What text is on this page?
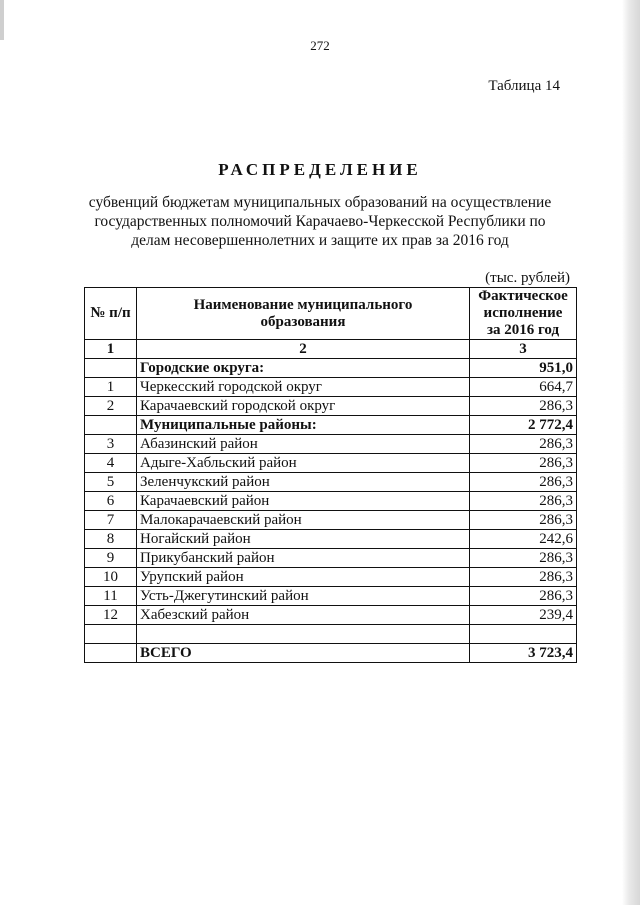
272
Таблица 14
РАСПРЕДЕЛЕНИЕ
субвенций бюджетам муниципальных образований на осуществление
государственных полномочий Карачаево-Черкесской Республики по
делам несовершеннолетних и защите их прав за 2016 год
(тыс. рублей)
№ п/п	Наименование муниципального образования	Фактическое исполнение за 2016 год
1	2	3
	Городские округа:	951,0
1	Черкесский городской округ	664,7
2	Карачаевский городской округ	286,3
	Муниципальные районы:	2 772,4
3	Абазинский район	286,3
4	Адыге-Хабльский район	286,3
5	Зеленчукский район	286,3
6	Карачаевский район	286,3
7	Малокарачаевский район	286,3
8	Ногайский район	242,6
9	Прикубанский район	286,3
10	Урупский район	286,3
11	Усть-Джегутинский район	286,3
12	Хабезский район	239,4

	ВСЕГО	3 723,4
